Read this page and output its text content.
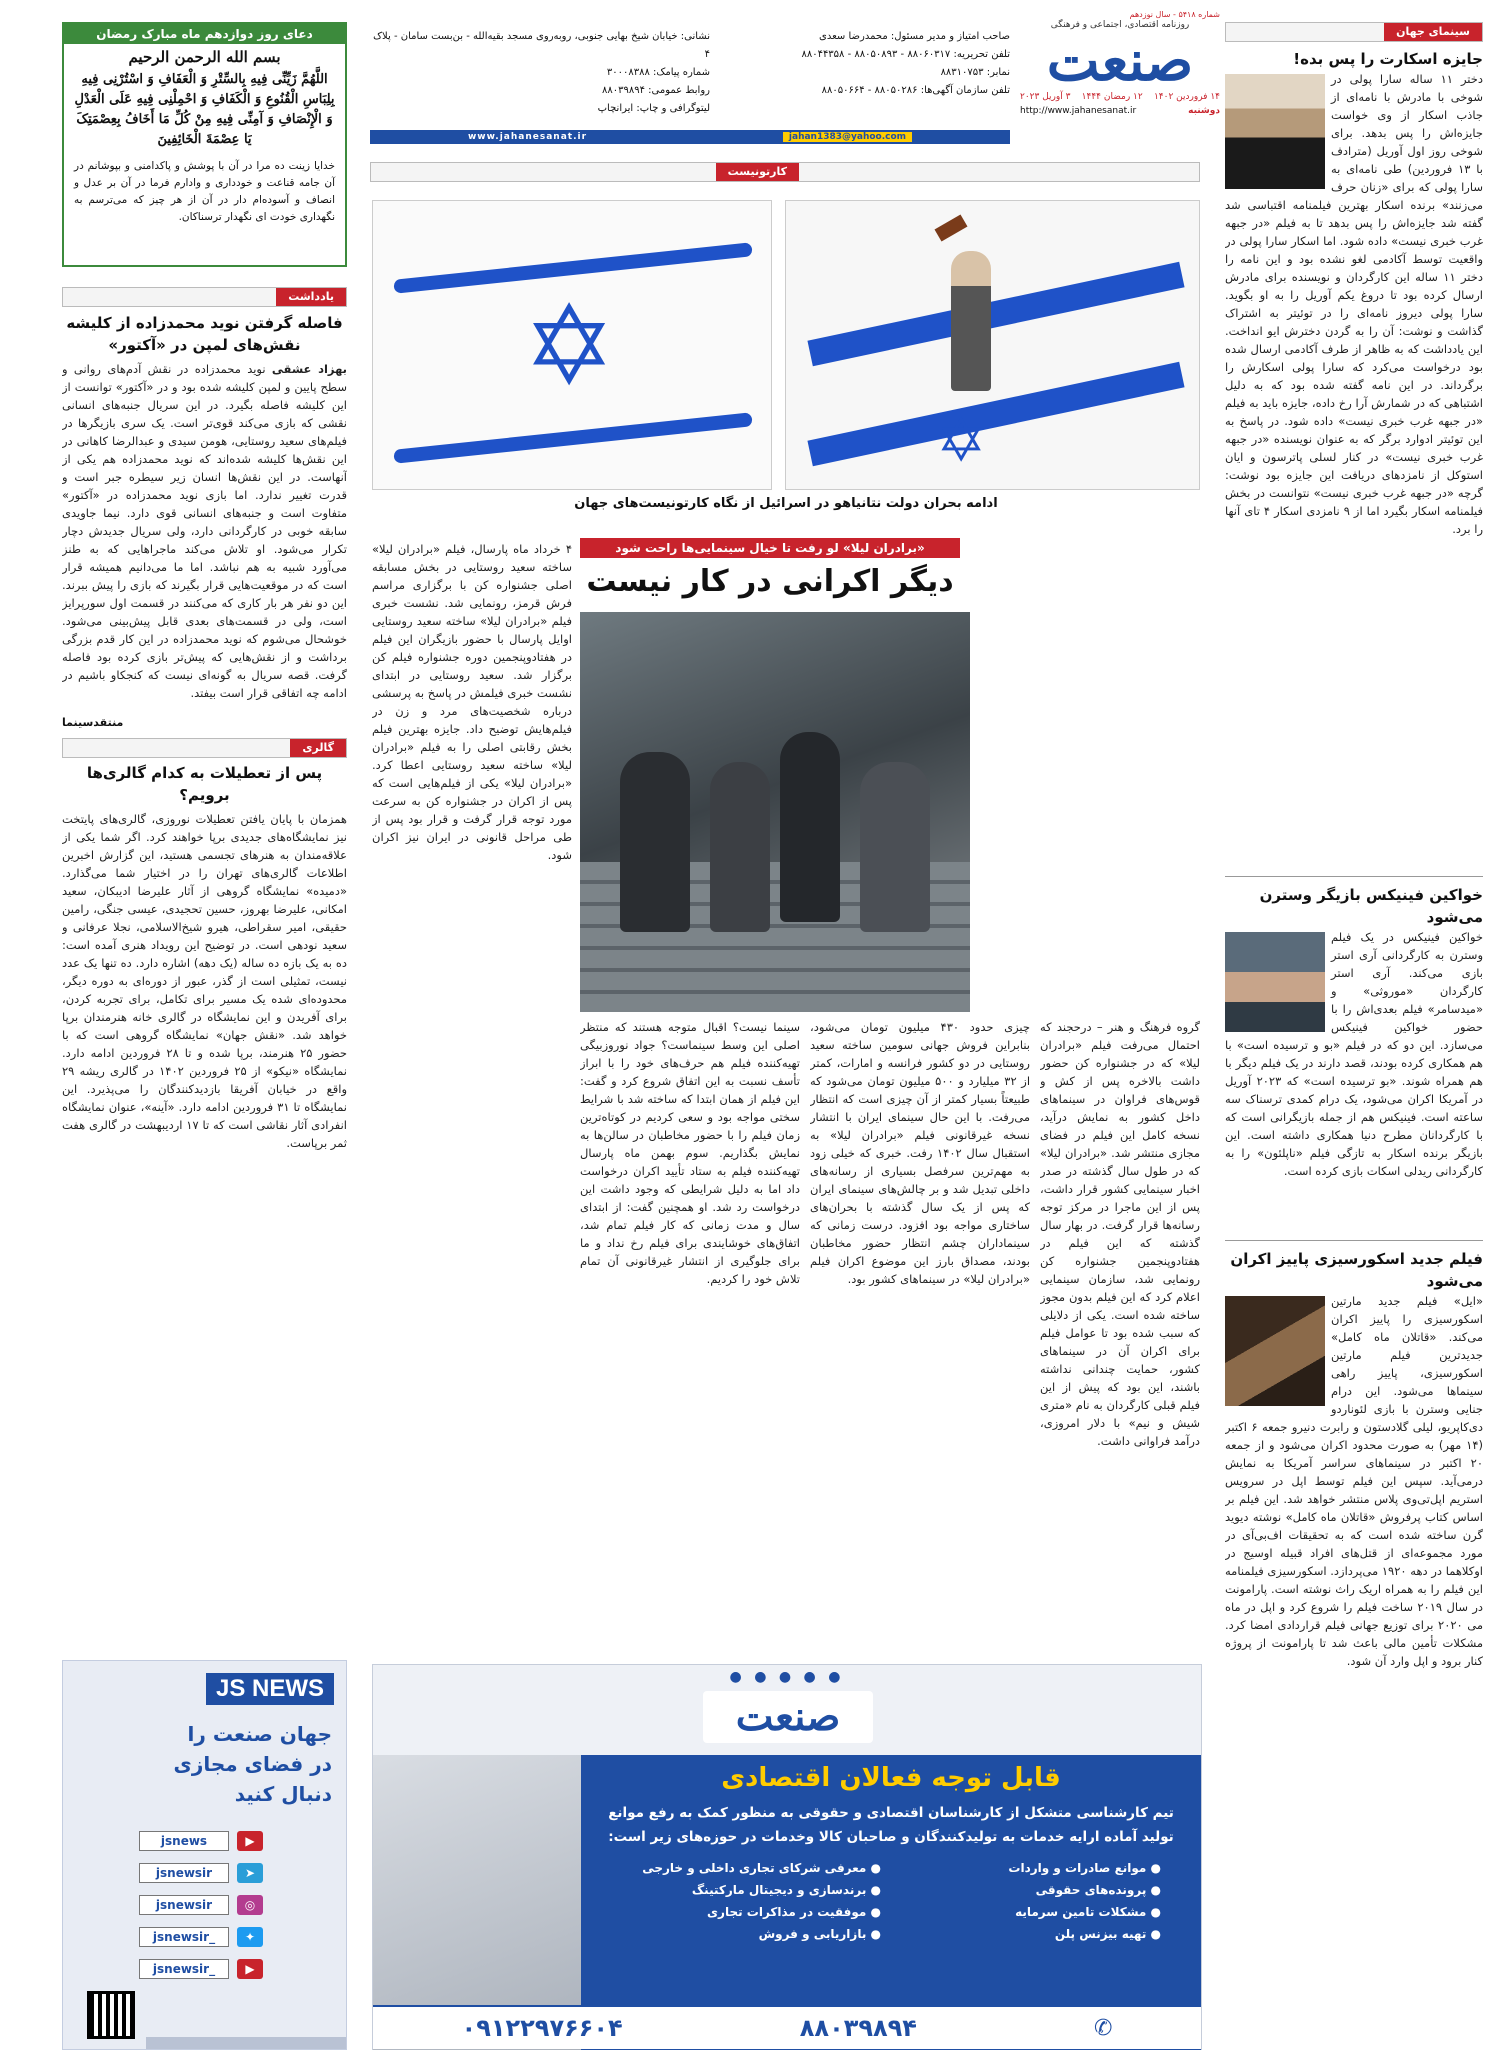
روزنامه اقتصادی، اجتماعی و فرهنگی
صنعت
۱۴ فروردین ۱۴۰۲
۱۲ رمضان ۱۴۴۴
۳ آوریل ۲۰۲۳
دوشنبه
http://www.jahanesanat.ir
شماره ۵۴۱۸ - سال نوزدهم
صاحب امتیاز و مدیر مسئول: محمدرضا سعدی
تلفن تحریریه: ۸۸۰۶۰۳۱۷ - ۸۸۰۵۰۸۹۳ - ۸۸۰۴۴۳۵۸
نمابر: ۸۸۳۱۰۷۵۳
تلفن سازمان آگهی‌ها: ۸۸۰۵۰۲۸۶ - ۸۸۰۵۰۶۶۴
نشانی: خیابان شیخ بهایی جنوبی، روبه‌روی مسجد بقیه‌الله - بن‌بست سامان - پلاک ۴
شماره پیامک: ۳۰۰۰۸۳۸۸
روابط عمومی: ۸۸۰۳۹۸۹۴
لیتوگرافی و چاپ: ایرانچاپ
www.jahanesanat.ir	jahan1383@yahoo.com
دعای روز دوازدهم ماه مبارک رمضان
بسم الله الرحمن الرحیم
اللَّهُمَّ زَیِّنِّی فِیهِ بِالسِّتْرِ وَ الْعَفَافِ وَ اسْتُرْنِی فِیهِ بِلِبَاسِ الْقُنُوعِ وَ الْکَفَافِ وَ احْمِلْنِی فِیهِ عَلَى الْعَدْلِ وَ الْإِنْصَافِ وَ آمِنِّی فِیهِ مِنْ کُلِّ مَا أَخَافُ بِعِصْمَتِکَ یَا عِصْمَةَ الْخَائِفِینَ
خدایا زینت ده مرا در آن با پوشش و پاکدامنی و بپوشانم در آن جامه قناعت و خودداری و وادارم فرما در آن بر عدل و انصاف و آسوده‌ام دار در آن از هر چیز که می‌ترسم به نگهداری خودت ای نگهدار ترسناکان.
یادداشت
فاصله گرفتن نوید محمدزاده از کلیشه نقش‌های لمپن در «آکتور»

بهزاد عشقی نوید محمدزاده در نقش آدم‌های روانی و سطح پایین و لمپن کلیشه شده بود و در «آکتور» توانست از این کلیشه فاصله بگیرد. در این سریال جنبه‌های انسانی نقشی که بازی می‌کند قوی‌تر است. یک سری بازیگرها در فیلم‌های سعید روستایی، هومن سیدی و عبدالرضا کاهانی در این نقش‌ها کلیشه شده‌اند که نوید محمدزاده هم یکی از آنهاست. در این نقش‌ها انسان زیر سیطره جبر است و قدرت تغییر ندارد. اما بازی نوید محمدزاده در «آکتور» متفاوت است و جنبه‌های انسانی قوی دارد. نیما جاویدی سابقه خوبی در کارگردانی دارد، ولی سریال جدیدش دچار تکرار می‌شود. او تلاش می‌کند ماجراهایی که به طنز می‌آورد شبیه به هم نباشد. اما ما می‌دانیم همیشه قرار است که در موقعیت‌هایی قرار بگیرند که بازی را پیش ببرند. این دو نفر هر بار کاری که می‌کنند در قسمت اول سورپرایز است، ولی در قسمت‌های بعدی قابل پیش‌بینی می‌شود. خوشحال می‌شوم که نوید محمدزاده در این کار قدم بزرگی برداشت و از نقش‌هایی که پیش‌تر بازی کرده بود فاصله گرفت. قصه سریال به گونه‌ای نیست که کنجکاو باشیم در ادامه چه اتفاقی قرار است بیفتد.

منتقدسینما
گالری
پس از تعطیلات به کدام گالری‌ها برویم؟

همزمان با پایان یافتن تعطیلات نوروزی، گالری‌های پایتخت نیز نمایشگاه‌های جدیدی برپا خواهند کرد. اگر شما یکی از علاقه‌مندان به هنرهای تجسمی هستید، این گزارش اخبرین اطلاعات گالری‌های تهران را در اختیار شما می‌گذارد. «دمیده» نمایشگاه گروهی از آثار علیرضا ادیبکان، سعید امکانی، علیرضا بهروز، حسین تحجیدی، عیسی جنگی، رامین حقیقی، امیر سقراطی، هیرو شیخ‌الاسلامی، نجلا عرفانی و سعید نودهی است. در توضیح این رویداد هنری آمده است: ده به یک بازه ده ساله (یک دهه) اشاره دارد. ده تنها یک عدد نیست، تمثیلی است از گذر، عبور از دوره‌ای به دوره دیگر، محدوده‌ای شده یک مسیر برای تکامل، برای تجربه کردن، برای آفریدن و این نمایشگاه در گالری خانه هنرمندان برپا خواهد شد. «نقش جهان» نمایشگاه گروهی است که با حضور ۲۵ هنرمند، برپا شده و تا ۲۸ فروردین ادامه دارد. نمایشگاه «نیکو» از ۲۵ فروردین ۱۴۰۲ در گالری ریشه ۲۹ واقع در خیابان آفریقا بازدیدکنندگان را می‌پذیرد. این نمایشگاه تا ۳۱ فروردین ادامه دارد. «آینه»، عنوان نمایشگاه انفرادی آثار نقاشی است که تا ۱۷ اردیبهشت در گالری هفت ثمر برپاست.

JS NEWS
جهان صنعت را
در فضای مجازی
دنبال کنید
jsnews	▶
jsnewsir	➤
jsnewsir	◎
jsnewsir_	✦
jsnewsir_	▶
کارتونیست
✡
✡
ادامه بحران دولت نتانیاهو در اسرائیل از نگاه کارتونیست‌های جهان
«برادران لیلا» لو رفت تا خیال سینمایی‌ها راحت شود
دیگر اکرانی در کار نیست

۴ خرداد ماه پارسال، فیلم «برادران لیلا» ساخته سعید روستایی در بخش مسابقه اصلی جشنواره کن با برگزاری مراسم فرش قرمز، رونمایی شد. نشست خبری فیلم «برادران لیلا» ساخته سعید روستایی اوایل پارسال با حضور بازیگران این فیلم در هفتادوپنجمین دوره جشنواره فیلم کن برگزار شد. سعید روستایی در ابتدای نشست خبری فیلمش در پاسخ به پرسشی درباره شخصیت‌های مرد و زن در فیلم‌هایش توضیح داد. جایزه بهترین فیلم بخش رقابتی اصلی را به فیلم «برادران لیلا» ساخته سعید روستایی اعطا کرد. «برادران لیلا» یکی از فیلم‌هایی است که پس از اکران در جشنواره کن به سرعت مورد توجه قرار گرفت و قرار بود پس از طی مراحل قانونی در ایران نیز اکران شود.

گروه فرهنگ و هنر – درحجند که احتمال می‌رفت فیلم «برادران لیلا» که در جشنواره کن حضور داشت بالاخره پس از کش و قوس‌های فراوان در سینماهای داخل کشور به نمایش درآید، نسخه کامل این فیلم در فضای مجازی منتشر شد. «برادران لیلا» که در طول سال گذشته در صدر اخبار سینمایی کشور قرار داشت، پس از این ماجرا در مرکز توجه رسانه‌ها قرار گرفت. در بهار سال گذشته که این فیلم در هفتادوپنجمین جشنواره کن رونمایی شد، سازمان سینمایی اعلام کرد که این فیلم بدون مجوز ساخته شده است. یکی از دلایلی که سبب شده بود تا عوامل فیلم برای اکران آن در سینماهای کشور، حمایت چندانی نداشته باشند، این بود که پیش از این فیلم قبلی کارگردان به نام «متری شیش و نیم» با دلار امروزی، درآمد فراوانی داشت.

چیزی حدود ۴۳۰ میلیون تومان می‌شود، بنابراین فروش جهانی سومین ساخته سعید روستایی در دو کشور فرانسه و امارات، کمتر از ۳۲ میلیارد و ۵۰۰ میلیون تومان می‌شود که طبیعتاً بسیار کمتر از آن چیزی است که انتظار می‌رفت. با این حال سینمای ایران با انتشار نسخه غیرقانونی فیلم «برادران لیلا» به استقبال سال ۱۴۰۲ رفت. خبری که خیلی زود به مهم‌ترین سرفصل بسیاری از رسانه‌های داخلی تبدیل شد و بر چالش‌های سینمای ایران که پس از یک سال گذشته با بحران‌های ساختاری مواجه بود افزود. درست زمانی که سینماداران چشم انتظار حضور مخاطبان بودند، مصداق بارز این موضوع اکران فیلم «برادران لیلا» در سینماهای کشور بود.

سینما نیست؟ اقبال متوجه هستند که منتظر اصلی این وسط سینماست؟ جواد نوروزبیگی تهیه‌کننده فیلم هم حرف‌های خود را با ابراز تأسف نسبت به این اتفاق شروع کرد و گفت: این فیلم از همان ابتدا که ساخته شد با شرایط سختی مواجه بود و سعی کردیم در کوتاه‌ترین زمان فیلم را با حضور مخاطبان در سالن‌ها به نمایش بگذاریم. سوم بهمن ماه پارسال تهیه‌کننده فیلم به ستاد تأیید اکران درخواست داد اما به دلیل شرایطی که وجود داشت این درخواست رد شد. او همچنین گفت: از ابتدای سال و مدت زمانی که کار فیلم تمام شد، اتفاق‌های خوشایندی برای فیلم رخ نداد و ما برای جلوگیری از انتشار غیرقانونی آن تمام تلاش خود را کردیم.

سینمای جهان
جایزه اسکارت را پس بده!

دختر ۱۱ ساله سارا پولی در شوخی با مادرش با نامه‌ای از جاذب اسکار از وی خواست جایزه‌اش را پس بدهد. برای شوخی روز اول آوریل (مترادف با ۱۳ فروردین) طی نامه‌ای به سارا پولی که برای «زنان حرف می‌زنند» برنده اسکار بهترین فیلمنامه اقتباسی شد گفته شد جایزه‌اش را پس بدهد تا به فیلم «در جبهه غرب خبری نیست» داده شود. اما اسکار سارا پولی در واقعیت توسط آکادمی لغو نشده بود و این نامه را دختر ۱۱ ساله این کارگردان و نویسنده برای مادرش ارسال کرده بود تا دروغ یکم آوریل را به او بگوید. سارا پولی دیروز نامه‌ای را در توئیتر به اشتراک گذاشت و نوشت: آن را به گردن دخترش ایو انداخت. این یادداشت که به ظاهر از طرف آکادمی ارسال شده بود درخواست می‌کرد که سارا پولی اسکارش را برگرداند. در این نامه گفته شده بود که به دلیل اشتباهی که در شمارش آرا رخ داده، جایزه باید به فیلم «در جبهه غرب خبری نیست» داده شود. در پاسخ به این توئیتر ادوارد برگر که به عنوان نویسنده «در جبهه غرب خبری نیست» در کنار لسلی پاترسون و ایان استوکل از نامزدهای دریافت این جایزه بود نوشت: گرچه «در جبهه غرب خبری نیست» نتوانست در بخش فیلمنامه اسکار بگیرد اما از ۹ نامزدی اسکار ۴ تای آنها را برد.

خواکین فینیکس بازیگر وسترن می‌شود

خواکین فینیکس در یک فیلم وسترن به کارگردانی آری استر بازی می‌کند. آری استر کارگردان «موروثی» و «میدسامر» فیلم بعدی‌اش را با حضور خواکین فینیکس می‌سازد. این دو که در فیلم «بو و ترسیده است» با هم همکاری کرده بودند، قصد دارند در یک فیلم دیگر با هم همراه شوند. «بو ترسیده است» که ۲۰۲۳ آوریل در آمریکا اکران می‌شود، یک درام کمدی ترسناک سه ساعته است. فینیکس هم از جمله بازیگرانی است که با کارگردانان مطرح دنیا همکاری داشته است. این بازیگر برنده اسکار به تازگی فیلم «ناپلئون» را به کارگردانی ریدلی اسکات بازی کرده است.

فیلم جدید اسکورسیزی پاییز اکران می‌شود

«ایل» فیلم جدید مارتین اسکورسیزی را پاییز اکران می‌کند. «قاتلان ماه کامل» جدیدترین فیلم مارتین اسکورسیزی، پاییز راهی سینماها می‌شود. این درام جنایی وسترن با بازی لئوناردو دی‌کاپریو، لیلی گلادستون و رابرت دنیرو جمعه ۶ اکتبر (۱۴ مهر) به صورت محدود اکران می‌شود و از جمعه ۲۰ اکتبر در سینماهای سراسر آمریکا به نمایش درمی‌آید. سپس این فیلم توسط اپل در سرویس استریم اپل‌تی‌وی پلاس منتشر خواهد شد. این فیلم بر اساس کتاب پرفروش «قاتلان ماه کامل» نوشته دیوید گرن ساخته شده است که به تحقیقات اف‌بی‌آی در مورد مجموعه‌ای از قتل‌های افراد قبیله اوسیج در اوکلاهما در دهه ۱۹۲۰ می‌پردازد. اسکورسیزی فیلمنامه این فیلم را به همراه اریک راث نوشته است. پارامونت در سال ۲۰۱۹ ساخت فیلم را شروع کرد و اپل در ماه می ۲۰۲۰ برای توزیع جهانی فیلم قراردادی امضا کرد. مشکلات تأمین مالی باعث شد تا پارامونت از پروژه کنار برود و اپل وارد آن شود.

● ● ● ● ●
صنعت
قابل توجه فعالان اقتصادی
تیم کارشناسی متشکل از کارشناسان اقتصادی و حقوقی به منظور کمک به رفع موانع تولید آماده ارایه خدمات به تولیدکنندگان و صاحبان کالا وخدمات در حوزه‌های زیر است:
● موانع صادرات و واردات
● معرفی شرکای تجاری داخلی و خارجی
● پرونده‌های حقوقی
● برندسازی و دیجیتال مارکتینگ
● مشکلات تامین سرمایه
● موفقیت در مذاکرات تجاری
● تهیه بیزنس پلن
● بازاریابی و فروش
✆
۸۸۰۳۹۸۹۴
۰۹۱۲۲۹۷۶۶۰۴
